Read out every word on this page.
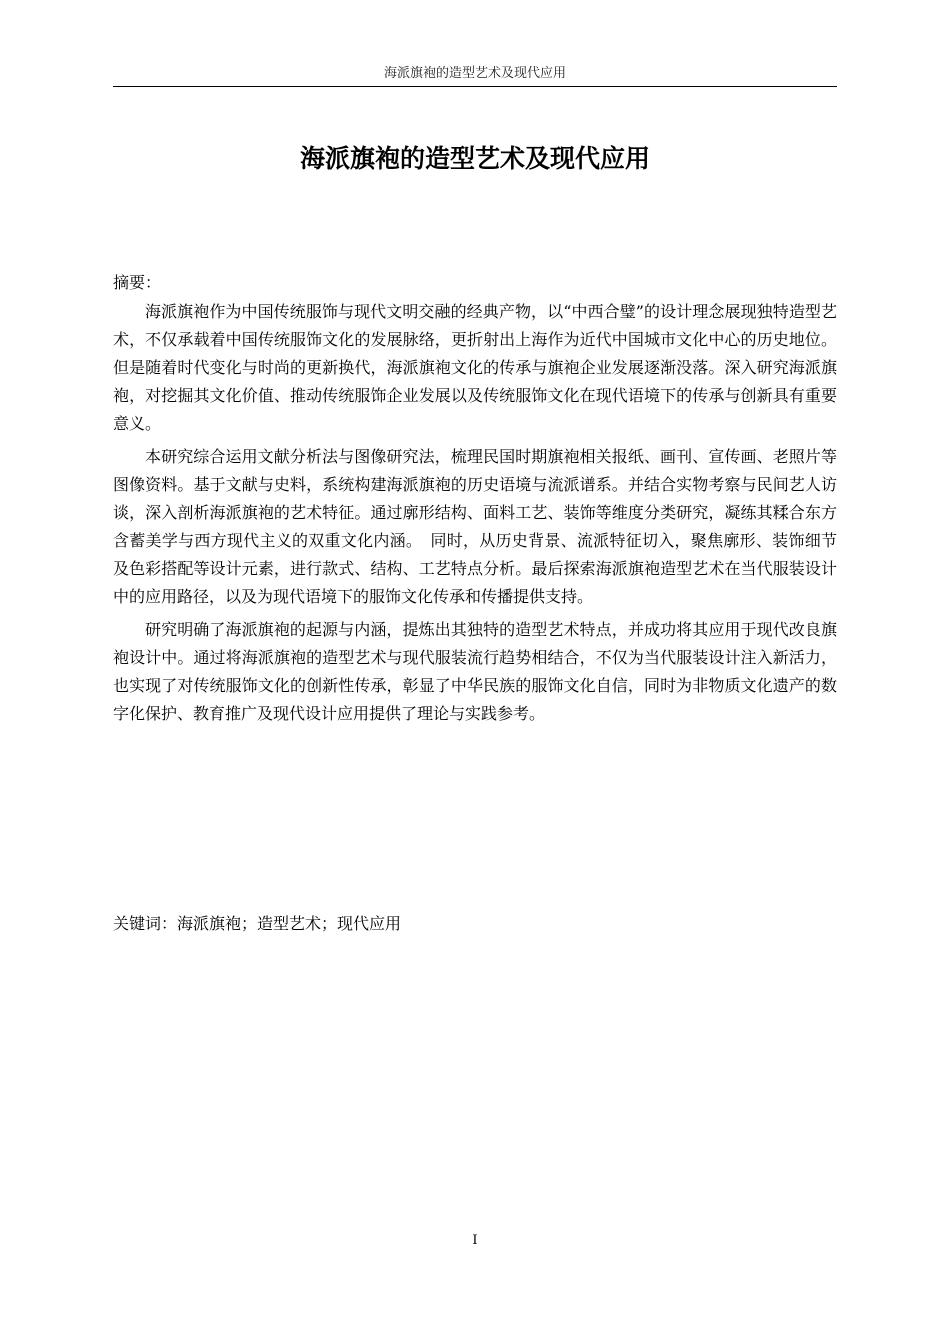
海派旗袍的造型艺术及现代应用
海派旗袍的造型艺术及现代应用
摘要：

海派旗袍作为中国传统服饰与现代文明交融的经典产物，以“中西合璧”的设计理念展现独特造型艺术，不仅承载着中国传统服饰文化的发展脉络，更折射出上海作为近代中国城市文化中心的历史地位。但是随着时代变化与时尚的更新换代，海派旗袍文化的传承与旗袍企业发展逐渐没落。深入研究海派旗袍，对挖掘其文化价值、推动传统服饰企业发展以及传统服饰文化在现代语境下的传承与创新具有重要意义。

本研究综合运用文献分析法与图像研究法，梳理民国时期旗袍相关报纸、画刊、宣传画、老照片等图像资料。基于文献与史料，系统构建海派旗袍的历史语境与流派谱系。并结合实物考察与民间艺人访谈，深入剖析海派旗袍的艺术特征。通过廓形结构、面料工艺、装饰等维度分类研究，凝练其糅合东方含蓄美学与西方现代主义的双重文化内涵。　同时，从历史背景、流派特征切入，聚焦廓形、装饰细节及色彩搭配等设计元素，进行款式、结构、工艺特点分析。最后探索海派旗袍造型艺术在当代服装设计中的应用路径，以及为现代语境下的服饰文化传承和传播提供支持。

研究明确了海派旗袍的起源与内涵，提炼出其独特的造型艺术特点，并成功将其应用于现代改良旗袍设计中。通过将海派旗袍的造型艺术与现代服装流行趋势相结合，不仅为当代服装设计注入新活力，也实现了对传统服饰文化的创新性传承，彰显了中华民族的服饰文化自信，同时为非物质文化遗产的数字化保护、教育推广及现代设计应用提供了理论与实践参考。

关键词：海派旗袍；造型艺术；现代应用
I
